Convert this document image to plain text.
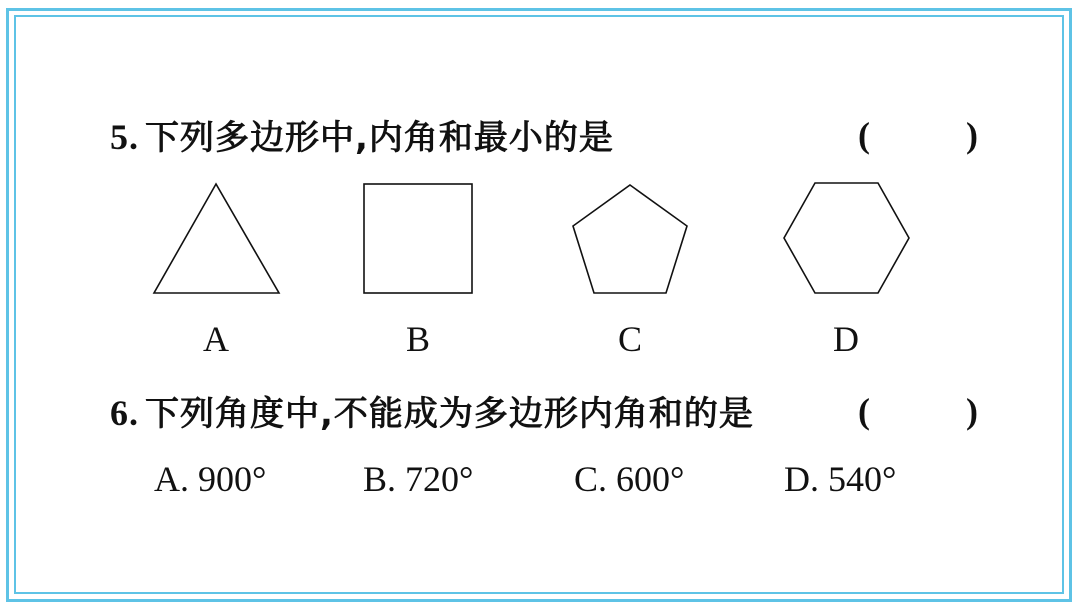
5. 下列多边形中,内角和最小的是	(	)
A	B	C	D
6. 下列角度中,不能成为多边形内角和的是	(	)
A. 900°	B. 720°	C. 600°	D. 540°
